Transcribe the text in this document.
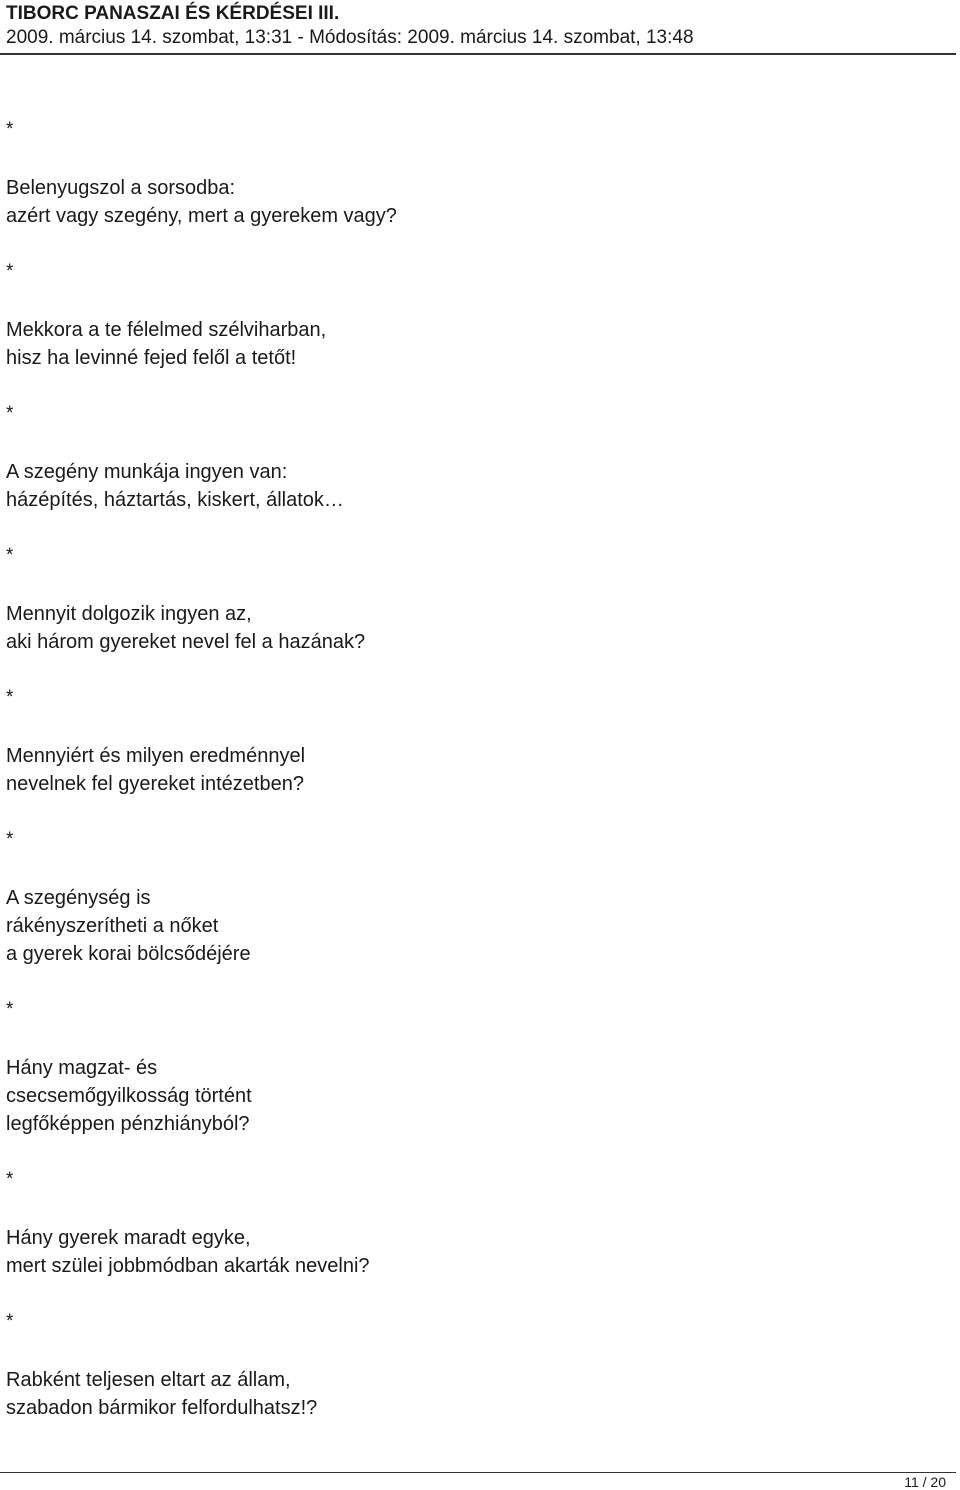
TIBORC PANASZAI ÉS KÉRDÉSEI III.

2009. március 14. szombat, 13:31 - Módosítás: 2009. március 14. szombat, 13:48

*
Belenyugszol a sorsodba:
azért vagy szegény, mert a gyerekem vagy?
*
Mekkora a te félelmed szélviharban,
hisz ha levinné fejed felől a tetőt!
*
A szegény munkája ingyen van:
házépítés, háztartás, kiskert, állatok…
*
Mennyit dolgozik ingyen az,
aki három gyereket nevel fel a hazának?
*
Mennyiért és milyen eredménnyel
nevelnek fel gyereket intézetben?
*
A szegénység is
rákényszerítheti a nőket
a gyerek korai bölcsődéjére
*
Hány magzat- és
csecsemőgyilkosság történt
legfőképpen pénzhiányból?
*
Hány gyerek maradt egyke,
mert szülei jobbmódban akarták nevelni?
*
Rabként teljesen eltart az állam,
szabadon bármikor felfordulhatsz!?
11 / 20
